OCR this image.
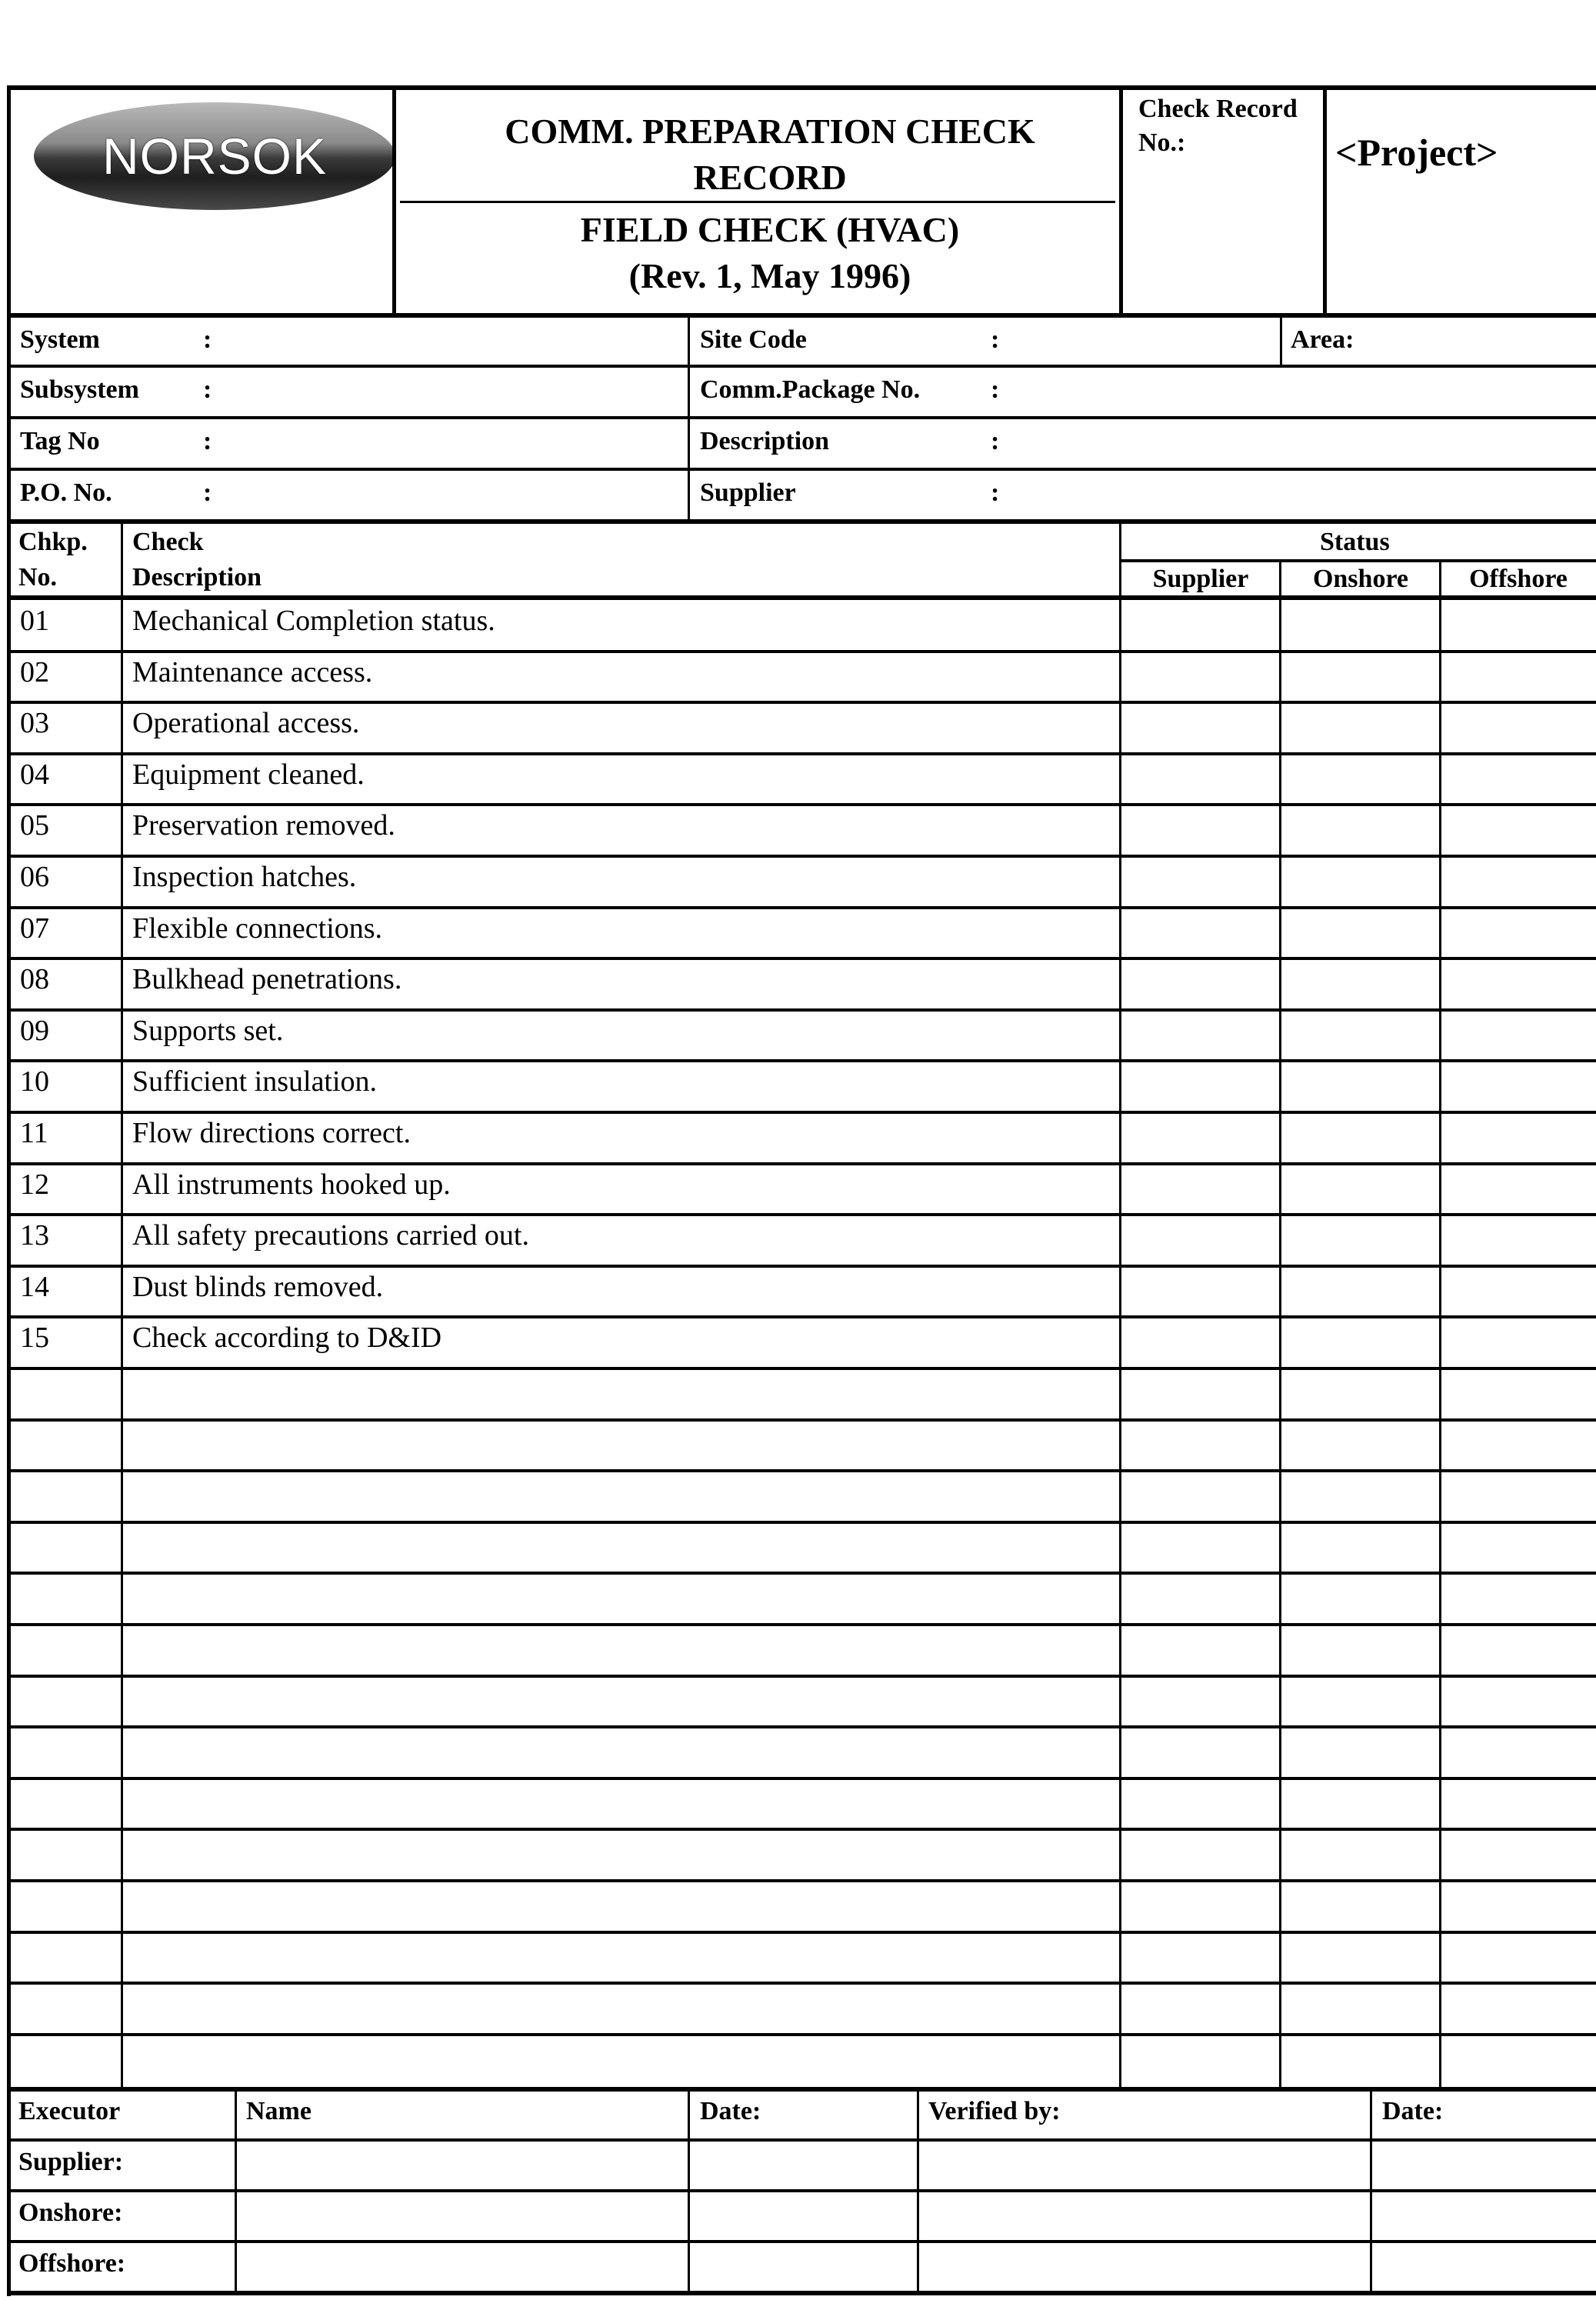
NORSOK	COMM. PREPARATION CHECK
RECORD
FIELD CHECK (HVAC)
(Rev. 1, May 1996)
Check Record
No.:	<Project>
System	:	Site Code	:	Area:
Subsystem :	Comm.Package No.	:
Tag No	:	Description	:
P.O. No.	:	Supplier	:
Chkp.
No.
Check
Description
Status
Supplier	Onshore	Offshore
01	Mechanical Completion status.
02	Maintenance access.
03	Operational access.
04	Equipment cleaned.
05	Preservation removed.
06	Inspection hatches.
07	Flexible connections.
08	Bulkhead penetrations.
09	Supports set.
10	Sufficient insulation.
11	Flow directions correct.
12	All instruments hooked up.
13	All safety precautions carried out.
14	Dust blinds removed.
15	Check according to D&ID
Executor	Name	Date:	Verified by:	Date:
Supplier:
Onshore:
Offshore:
